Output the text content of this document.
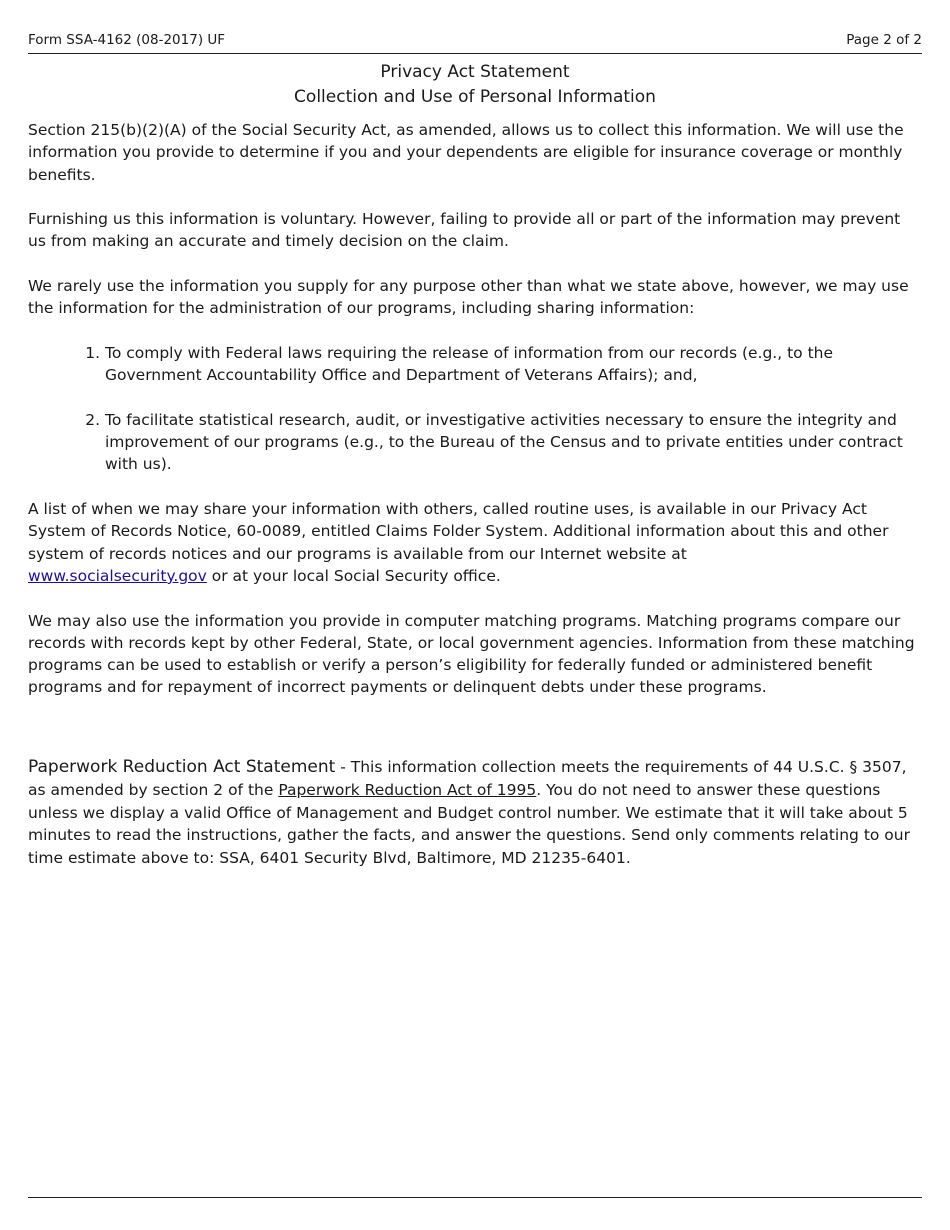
Form SSA-4162 (08-2017) UF	Page 2 of 2
Privacy Act Statement
Collection and Use of Personal Information

Section 215(b)(2)(A) of the Social Security Act, as amended, allows us to collect this information. We will use the information you provide to determine if you and your dependents are eligible for insurance coverage or monthly benefits.

Furnishing us this information is voluntary. However, failing to provide all or part of the information may prevent us from making an accurate and timely decision on the claim.

We rarely use the information you supply for any purpose other than what we state above, however, we may use the information for the administration of our programs, including sharing information:

1. To comply with Federal laws requiring the release of information from our records (e.g., to the Government Accountability Office and Department of Veterans Affairs); and,
2. To facilitate statistical research, audit, or investigative activities necessary to ensure the integrity and improvement of our programs (e.g., to the Bureau of the Census and to private entities under contract with us).

A list of when we may share your information with others, called routine uses, is available in our Privacy Act System of Records Notice, 60-0089, entitled Claims Folder System. Additional information about this and other system of records notices and our programs is available from our Internet website at
www.socialsecurity.gov or at your local Social Security office.

We may also use the information you provide in computer matching programs. Matching programs compare our records with records kept by other Federal, State, or local government agencies. Information from these matching programs can be used to establish or verify a person’s eligibility for federally funded or administered benefit programs and for repayment of incorrect payments or delinquent debts under these programs.

Paperwork Reduction Act Statement - This information collection meets the requirements of 44 U.S.C. § 3507, as amended by section 2 of the Paperwork Reduction Act of 1995. You do not need to answer these questions unless we display a valid Office of Management and Budget control number. We estimate that it will take about 5 minutes to read the instructions, gather the facts, and answer the questions. Send only comments relating to our time estimate above to: SSA, 6401 Security Blvd, Baltimore, MD 21235-6401.
